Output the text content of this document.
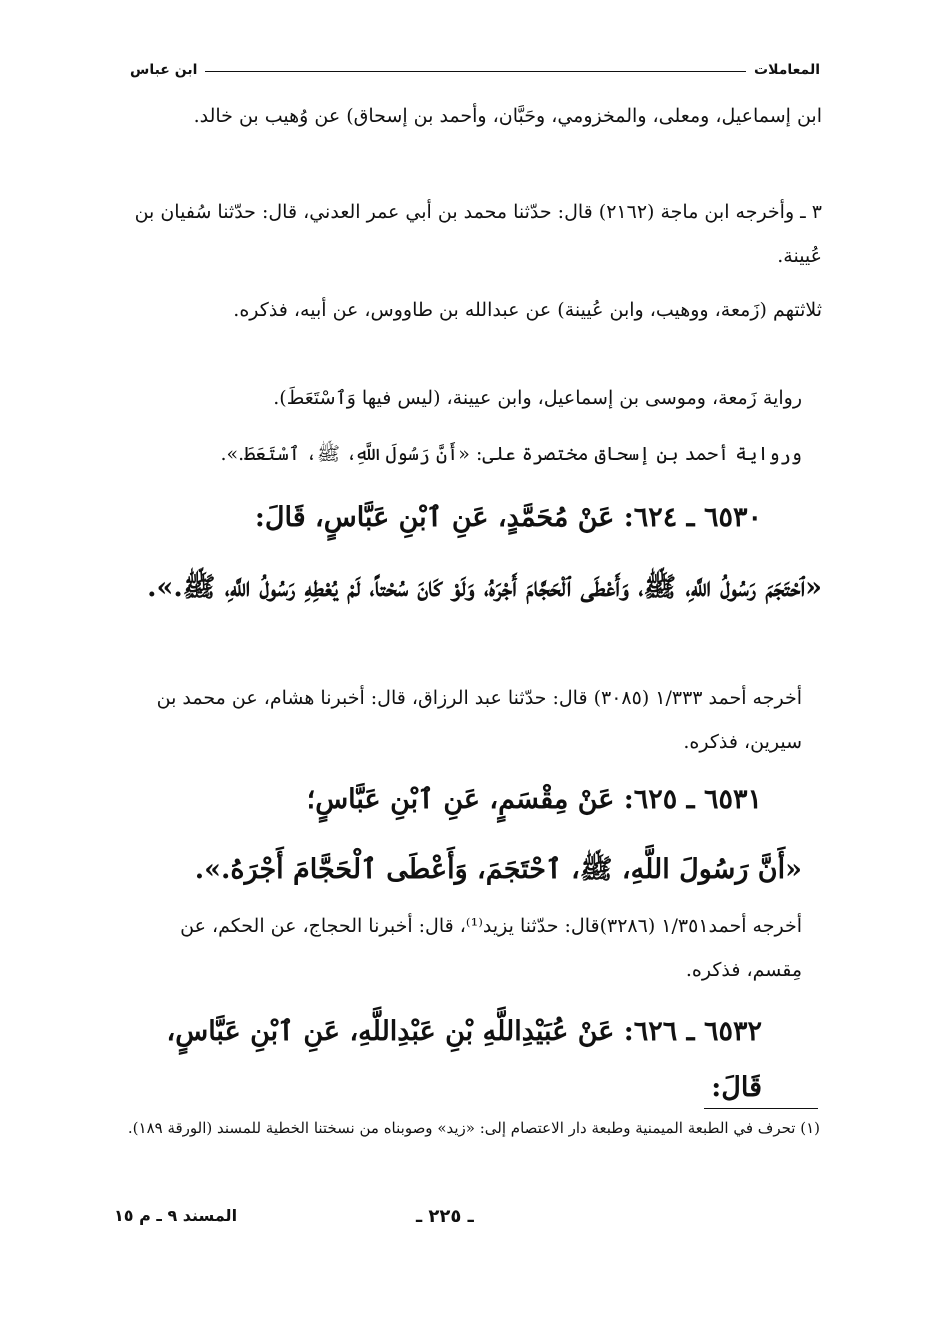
ابن عباس	المعاملات
ابن إسماعيل، ومعلى، والمخزومي، وحَبَّان، وأحمد بن إسحاق) عن وُهيب بن خالد.
٣ ـ وأخرجه ابن ماجة (٢١٦٢) قال: حدّثنا محمد بن أبي عمر العدني، قال: حدّثنا سُفيان بن عُيينة.
ثلاثتهم (زَمعة، ووهيب، وابن عُيينة) عن عبدالله بن طاووس، عن أبيه، فذكره.
رواية زَمعة، وموسى بن إسماعيل، وابن عيينة، (ليس فيها وَٱسْتَعَطَ).
ورواية أحمد بن إسحاق مختصرة على: «أَنَّ رَسُولَ اللَّهِ، ﷺ، ٱسْتَعَطَ.».
٦٥٣٠ ـ ٦٢٤: عَنْ مُحَمَّدٍ، عَنِ ٱبْنِ عَبَّاسٍ، قَالَ:
«ٱحْتَجَمَ رَسُولُ اللَّهِ، ﷺ، وَأَعْطَى ٱلْحَجَّامَ أَجْرَهُ، وَلَوْ كَانَ سُحْتاً، لَمْ يُعْطِهِ رَسُولُ اللَّهِ، ﷺ.».
أخرجه أحمد ١/٣٣٣ (٣٠٨٥) قال: حدّثنا عبد الرزاق، قال: أخبرنا هشام، عن محمد بن سيرين، فذكره.
٦٥٣١ ـ ٦٢٥: عَنْ مِقْسَمٍ، عَنِ ٱبْنِ عَبَّاسٍ؛
«أَنَّ رَسُولَ اللَّهِ، ﷺ، ٱحْتَجَمَ، وَأَعْطَى ٱلْحَجَّامَ أَجْرَهُ.».
أخرجه أحمد١/٣٥١ (٣٢٨٦)قال: حدّثنا يزيد⁽¹⁾، قال: أخبرنا الحجاج، عن الحكم، عن مِقسم، فذكره.
٦٥٣٢ ـ ٦٢٦: عَنْ عُبَيْدِاللَّهِ بْنِ عَبْدِاللَّهِ، عَنِ ٱبْنِ عَبَّاسٍ، قَالَ:
(١) تحرف في الطبعة الميمنية وطبعة دار الاعتصام إلى: «زيد» وصوبناه من نسختنا الخطية للمسند (الورقة ١٨٩).
المسند ٩ ـ م ١٥	ـ ٢٢٥ ـ
